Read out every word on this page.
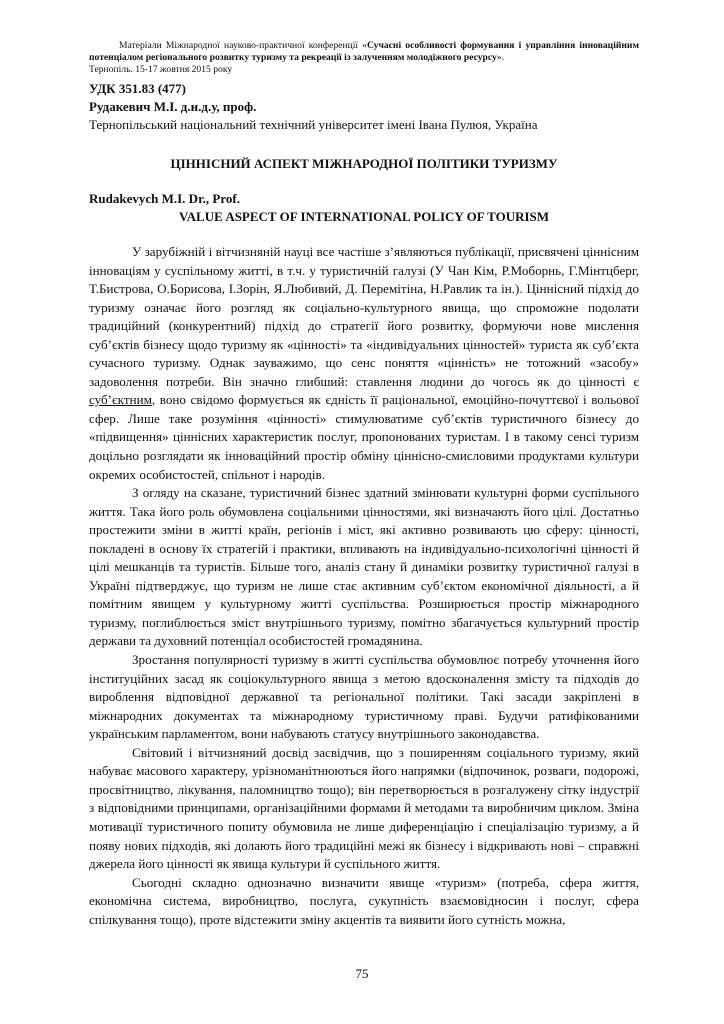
Матеріали Міжнародної науково-практичної конференції «Сучасні особливості формування і управління інноваційним потенціалом регіонального розвитку туризму та рекреації із залученням молодіжного ресурсу».

Тернопіль. 15-17 жовтня 2015 року

УДК 351.83 (477)

Рудакевич М.І. д.н.д.у, проф.

Тернопільський національний технічний університет імені Івана Пулюя, Україна

ЦІННІСНИЙ АСПЕКТ МІЖНАРОДНОЇ ПОЛІТИКИ ТУРИЗМУ

Rudakevych M.I. Dr., Prof.

VALUE ASPECT OF INTERNATIONAL POLICY OF TOURISM

У зарубіжній і вітчизняній науці все частіше з’являються публікації, присвячені ціннісним інноваціям у суспільному житті, в т.ч. у туристичній галузі (У Чан Кім, Р.Моборнь, Г.Мінтцберг, Т.Бистрова, О.Борисова, І.Зорін, Я.Любивий, Д. Перемітіна, Н.Равлик та ін.). Ціннісний підхід до туризму означає його розгляд як соціально-культурного явища, що спроможне подолати традиційний (конкурентний) підхід до стратегії його розвитку, формуючи нове мислення суб’єктів бізнесу щодо туризму як «цінності» та «індивідуальних цінностей» туриста як суб’єкта сучасного туризму. Однак зауважимо, що сенс поняття «цінність» не тотожний «засобу» задоволення потреби. Він значно глибший: ставлення людини до чогось як до цінності є суб’єктним, воно свідомо формується як єдність її раціональної, емоційно-почуттєвої і вольової сфер. Лише таке розуміння «цінності» стимулюватиме суб’єктів туристичного бізнесу до «підвищення» ціннісних характеристик послуг, пропонованих туристам. І в такому сенсі туризм доцільно розглядати як інноваційний простір обміну ціннісно-смисловими продуктами культури окремих особистостей, спільнот і народів.

З огляду на сказане, туристичний бізнес здатний змінювати культурні форми суспільного життя. Така його роль обумовлена соціальними цінностями, які визначають його цілі. Достатньо простежити зміни в житті країн, регіонів і міст, які активно розвивають цю сферу: цінності, покладені в основу їх стратегій і практики, впливають на індивідуально-психологічні цінності й цілі мешканців та туристів. Більше того, аналіз стану й динаміки розвитку туристичної галузі в Україні підтверджує, що туризм не лише стає активним суб’єктом економічної діяльності, а й помітним явищем у культурному житті суспільства. Розширюється простір міжнародного туризму, поглиблюється зміст внутрішнього туризму, помітно збагачується культурний простір держави та духовний потенціал особистостей громадянина.

Зростання популярності туризму в житті суспільства обумовлює потребу уточнення його інституційних засад як соціокультурного явища з метою вдосконалення змісту та підходів до вироблення відповідної державної та регіональної політики. Такі засади закріплені в міжнародних документах та міжнародному туристичному праві. Будучи ратифікованими українським парламентом, вони набувають статусу внутрішнього законодавства.

Світовий і вітчизняний досвід засвідчив, що з поширенням соціального туризму, який набуває масового характеру, урізноманітнюються його напрямки (відпочинок, розваги, подорожі, просвітництво, лікування, паломництво тощо); він перетворюється в розгалужену сітку індустрії з відповідними принципами, організаційними формами й методами та виробничим циклом. Зміна мотивації туристичного попиту обумовила не лише диференціацію і спеціалізацію туризму, а й появу нових підходів, які долають його традиційні межі як бізнесу і відкривають нові – справжні джерела його цінності як явища культури й суспільного життя.

Сьогодні складно однозначно визначити явище «туризм» (потреба, сфера життя, економічна система, виробництво, послуга, сукупність взаємовідносин і послуг, сфера спілкування тощо), проте відстежити зміну акцентів та виявити його сутність можна,

75
